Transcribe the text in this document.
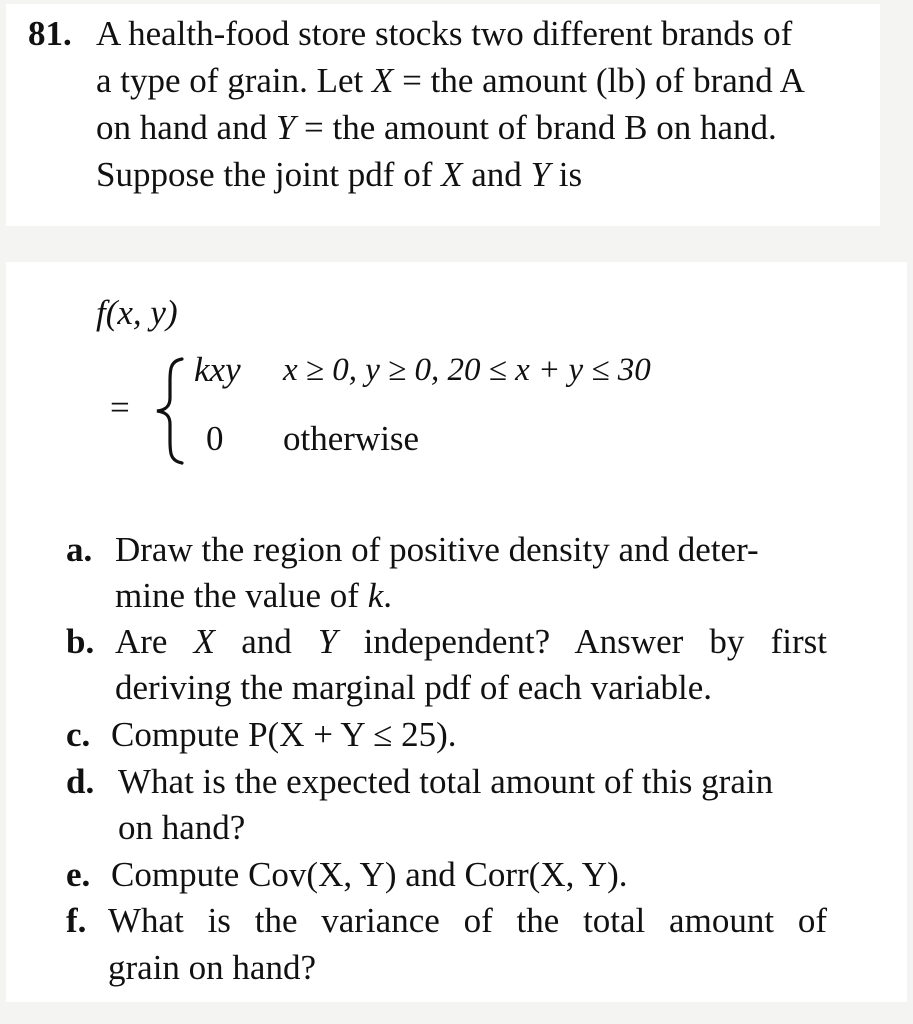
81. A health-food store stocks two different brands of
a type of grain. Let X = the amount (lb) of brand A
on hand and Y = the amount of brand B on hand.
Suppose the joint pdf of X and Y is
f(x, y)
=
kxy x ≥ 0, y ≥ 0, 20 ≤ x + y ≤ 30
0 otherwise
a. Draw the region of positive density and deter-
mine the value of k.
b. Are X and Y independent? Answer by first
deriving the marginal pdf of each variable.
c. Compute P(X + Y ≤ 25).
d. What is the expected total amount of this grain
on hand?
e. Compute Cov(X, Y) and Corr(X, Y).
f. What is the variance of the total amount of
grain on hand?
